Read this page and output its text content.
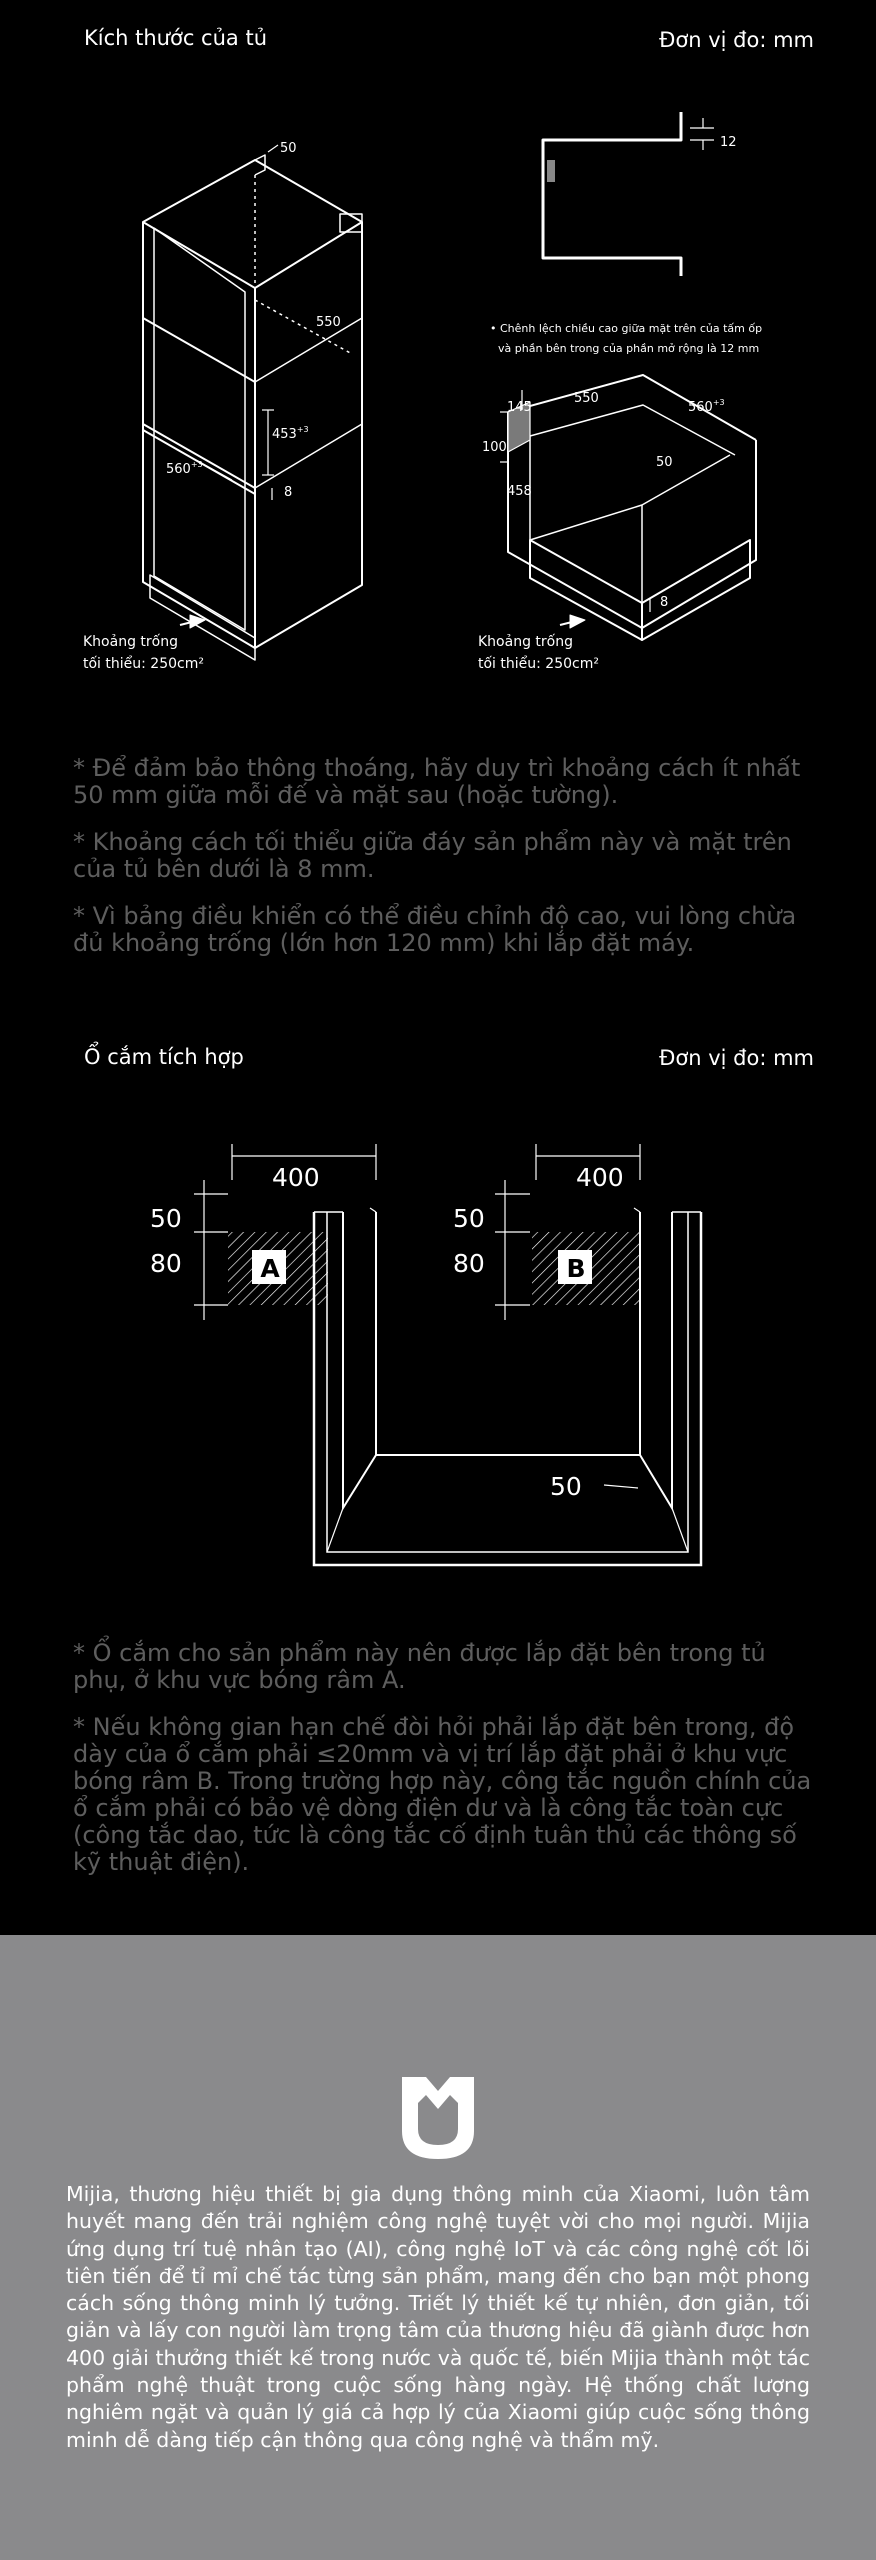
Kích thước của tủ	Đơn vị đo: mm
50
550
$453^{+3}$
$560^{+3}$
8
12
145
100
458
550
$560^{+3}$
50
8
Khoảng trống
tối thiểu: 250cm²
Khoảng trống
tối thiểu: 250cm²
• Chênh lệch chiều cao giữa mặt trên của tấm ốp
và phần bên trong của phần mở rộng là 12 mm

* Để đảm bảo thông thoáng, hãy duy trì khoảng cách ít nhất 50 mm giữa mỗi đế và mặt sau (hoặc tường).

* Khoảng cách tối thiểu giữa đáy sản phẩm này và mặt trên của tủ bên dưới là 8 mm.

* Vì bảng điều khiển có thể điều chỉnh độ cao, vui lòng chừa đủ khoảng trống (lớn hơn 120 mm) khi lắp đặt máy.

Ổ cắm tích hợp	Đơn vị đo: mm
A	B
400
50
80
400
50
80
50

* Ổ cắm cho sản phẩm này nên được lắp đặt bên trong tủ phụ, ở khu vực bóng râm A.

* Nếu không gian hạn chế đòi hỏi phải lắp đặt bên trong, độ dày của ổ cắm phải ≤20mm và vị trí lắp đặt phải ở khu vực bóng râm B. Trong trường hợp này, công tắc nguồn chính của ổ cắm phải có bảo vệ dòng điện dư và là công tắc toàn cực (công tắc dao, tức là công tắc cố định tuân thủ các thông số kỹ thuật điện).

Mijia, thương hiệu thiết bị gia dụng thông minh của Xiaomi, luôn tâm huyết mang đến trải nghiệm công nghệ tuyệt vời cho mọi người. Mijia ứng dụng trí tuệ nhân tạo (AI), công nghệ IoT và các công nghệ cốt lõi tiên tiến để tỉ mỉ chế tác từng sản phẩm, mang đến cho bạn một phong cách sống thông minh lý tưởng. Triết lý thiết kế tự nhiên, đơn giản, tối giản và lấy con người làm trọng tâm của thương hiệu đã giành được hơn 400 giải thưởng thiết kế trong nước và quốc tế, biến Mijia thành một tác phẩm nghệ thuật trong cuộc sống hàng ngày. Hệ thống chất lượng nghiêm ngặt và quản lý giá cả hợp lý của Xiaomi giúp cuộc sống thông minh dễ dàng tiếp cận thông qua công nghệ và thẩm mỹ.
